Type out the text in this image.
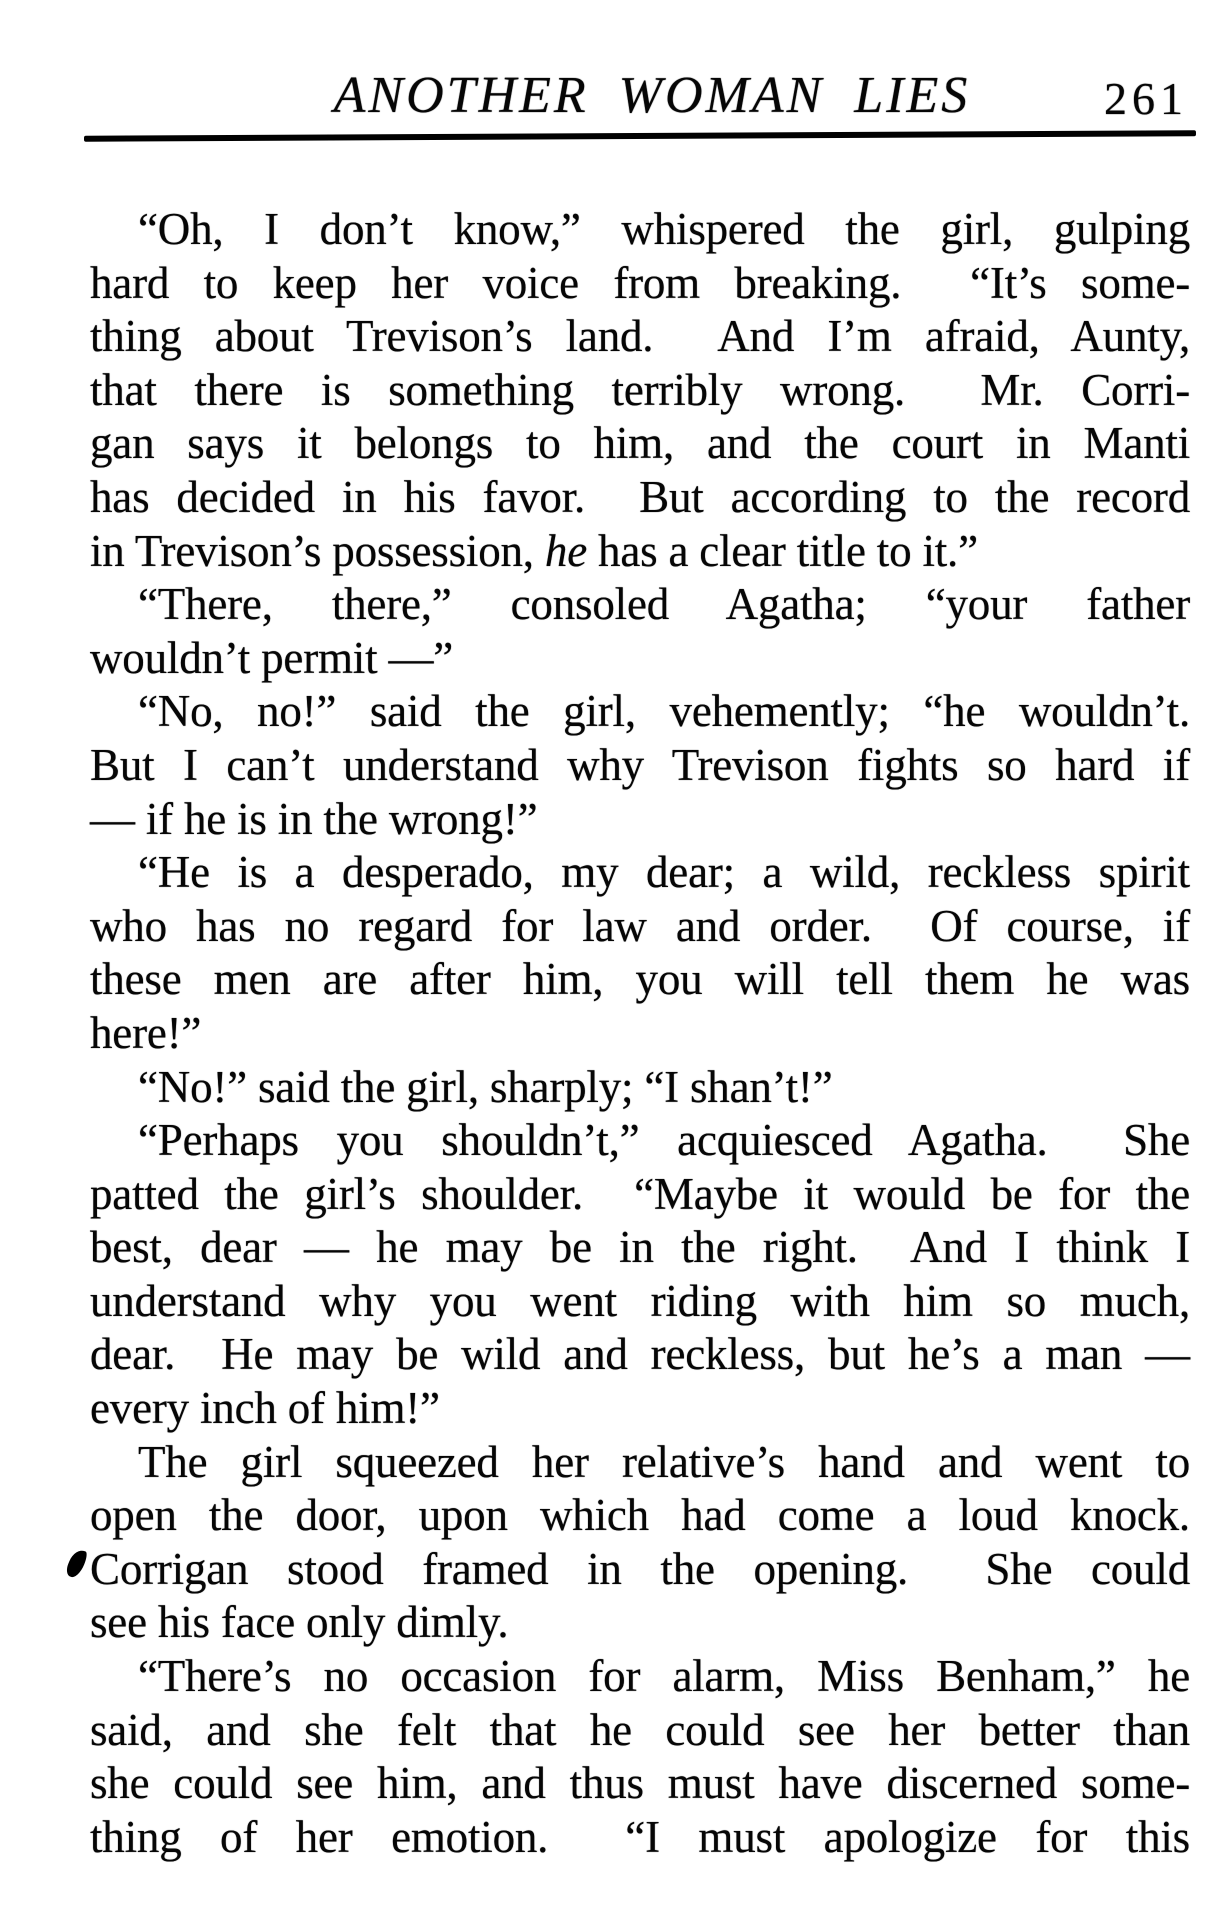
ANOTHER WOMAN LIES	261
“Oh, I don’t know,” whispered the girl, gulping
hard to keep her voice from breaking.  “It’s some-
thing about Trevison’s land.  And I’m afraid, Aunty,
that there is something terribly wrong.  Mr. Corri-
gan says it belongs to him, and the court in Manti
has decided in his favor.  But according to the record
in Trevison’s possession, he has a clear title to it.”
“There, there,” consoled Agatha; “your father
wouldn’t permit —”
“No, no!” said the girl, vehemently; “he wouldn’t.
But I can’t understand why Trevison fights so hard if
— if he is in the wrong!”
“He is a desperado, my dear; a wild, reckless spirit
who has no regard for law and order.  Of course, if
these men are after him, you will tell them he was
here!”
“No!” said the girl, sharply; “I shan’t!”
“Perhaps you shouldn’t,” acquiesced Agatha.  She
patted the girl’s shoulder.  “Maybe it would be for the
best, dear — he may be in the right.  And I think I
understand why you went riding with him so much,
dear.  He may be wild and reckless, but he’s a man —
every inch of him!”
The girl squeezed her relative’s hand and went to
open the door, upon which had come a loud knock.
Corrigan stood framed in the opening.  She could
see his face only dimly.
“There’s no occasion for alarm, Miss Benham,” he
said, and she felt that he could see her better than
she could see him, and thus must have discerned some-
thing of her emotion.  “I must apologize for this
